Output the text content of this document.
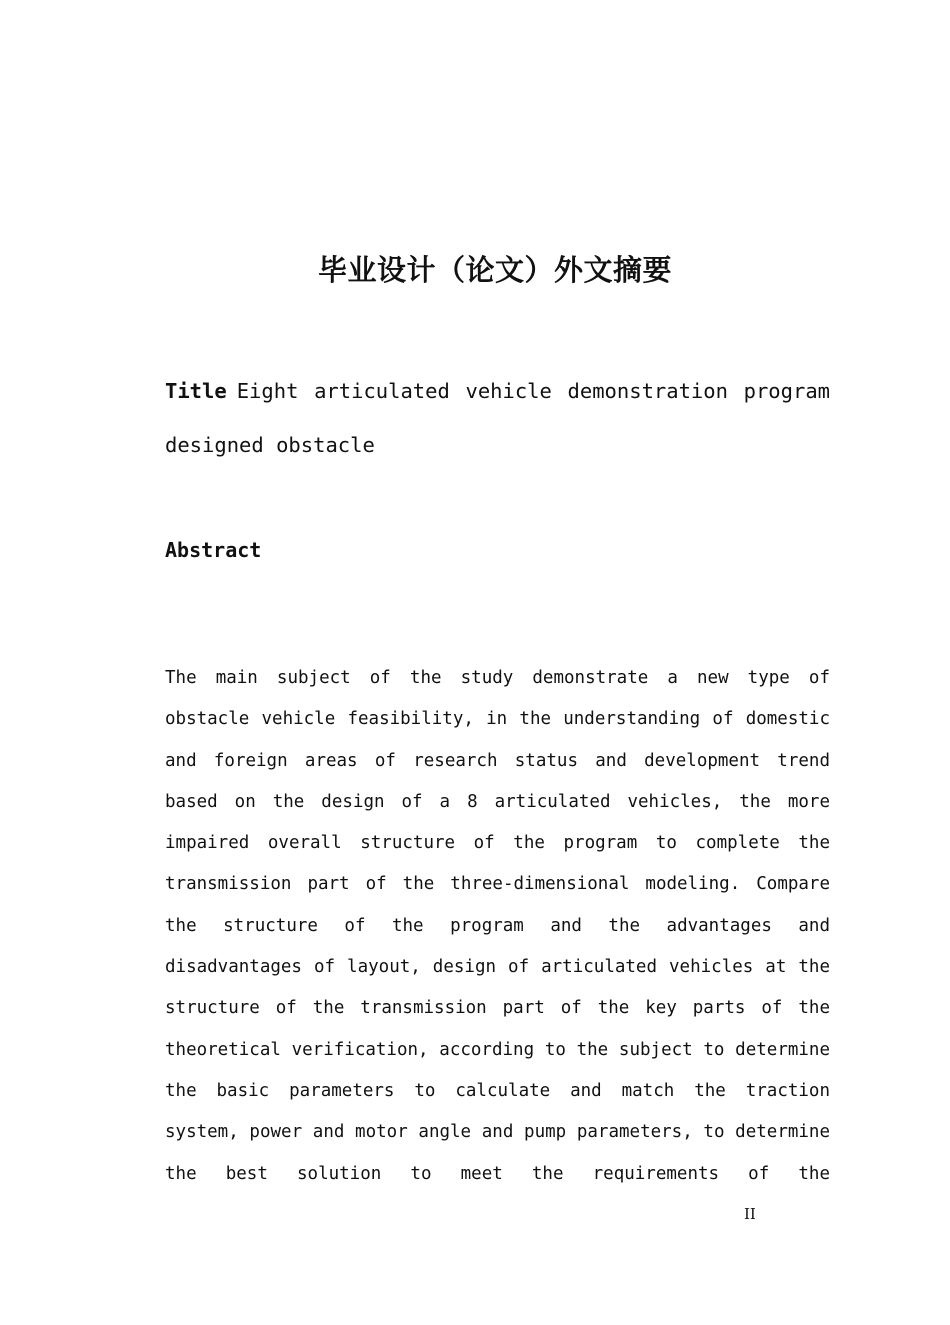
毕业设计（论文）外文摘要
Title Eight articulated vehicle demonstration program designed obstacle
Abstract

The main subject of the study demonstrate a new type of obstacle vehicle feasibility, in the understanding of domestic and foreign areas of research status and development trend based on the design of a 8 articulated vehicles, the more impaired overall structure of the program to complete the transmission part of the three-dimensional modeling. Compare the structure of the program and the advantages and disadvantages of layout, design of articulated vehicles at the structure of the transmission part of the key parts of the theoretical verification, according to the subject to determine the basic parameters to calculate and match the traction system, power and motor angle and pump parameters, to determine the best solution to meet the requirements of the

II
